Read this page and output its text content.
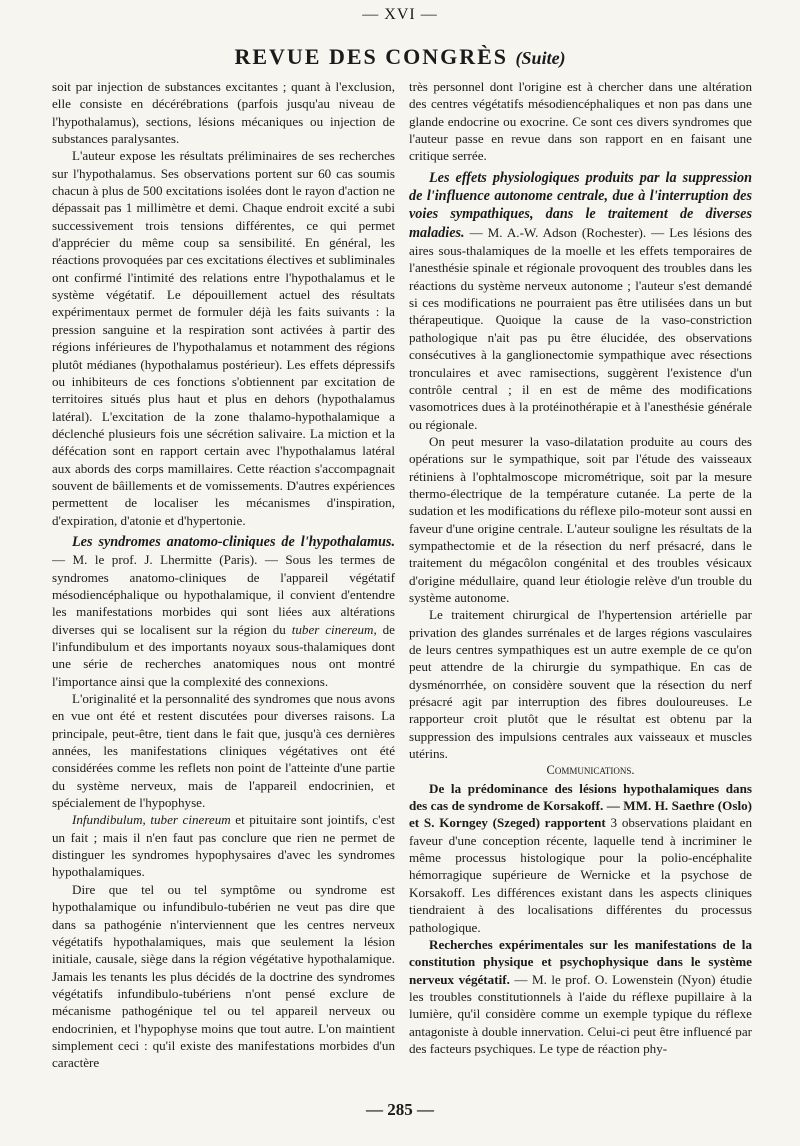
— XVI —
REVUE DES CONGRÈS (Suite)

soit par injection de substances excitantes ; quant à l'exclusion, elle consiste en décérébrations (parfois jusqu'au niveau de l'hypothalamus), sections, lésions mécaniques ou injection de substances paralysantes.

L'auteur expose les résultats préliminaires de ses recherches sur l'hypothalamus. Ses observations portent sur 60 cas soumis chacun à plus de 500 excitations isolées dont le rayon d'action ne dépassait pas 1 millimètre et demi. Chaque endroit excité a subi successivement trois tensions différentes, ce qui permet d'apprécier du même coup sa sensibilité. En général, les réactions provoquées par ces excitations électives et subliminales ont confirmé l'intimité des relations entre l'hypothalamus et le système végétatif. Le dépouillement actuel des résultats expérimentaux permet de formuler déjà les faits suivants : la pression sanguine et la respiration sont activées à partir des régions inférieures de l'hypothalamus et notamment des régions plutôt médianes (hypothalamus postérieur). Les effets dépressifs ou inhibiteurs de ces fonctions s'obtiennent par excitation de territoires situés plus haut et plus en dehors (hypothalamus latéral). L'excitation de la zone thalamo-hypothalamique a déclenché plusieurs fois une sécrétion salivaire. La miction et la défécation sont en rapport certain avec l'hypothalamus latéral aux abords des corps mamillaires. Cette réaction s'accompagnait souvent de bâillements et de vomissements. D'autres expériences permettent de localiser les mécanismes d'inspiration, d'expiration, d'atonie et d'hypertonie.

Les syndromes anatomo-cliniques de l'hypothalamus. — M. le prof. J. Lhermitte (Paris). — Sous les termes de syndromes anatomo-cliniques de l'appareil végétatif mésodiencéphalique ou hypothalamique, il convient d'entendre les manifestations morbides qui sont liées aux altérations diverses qui se localisent sur la région du tuber cinereum, de l'infundibulum et des importants noyaux sous-thalamiques dont une série de recherches anatomiques nous ont montré l'importance ainsi que la complexité des connexions.

L'originalité et la personnalité des syndromes que nous avons en vue ont été et restent discutées pour diverses raisons. La principale, peut-être, tient dans le fait que, jusqu'à ces dernières années, les manifestations cliniques végétatives ont été considérées comme les reflets non point de l'atteinte d'une partie du système nerveux, mais de l'appareil endocrinien, et spécialement de l'hypophyse.

Infundibulum, tuber cinereum et pituitaire sont jointifs, c'est un fait ; mais il n'en faut pas conclure que rien ne permet de distinguer les syndromes hypophysaires d'avec les syndromes hypothalamiques.

Dire que tel ou tel symptôme ou syndrome est hypothalamique ou infundibulo-tubérien ne veut pas dire que dans sa pathogénie n'interviennent que les centres nerveux végétatifs hypothalamiques, mais que seulement la lésion initiale, causale, siège dans la région végétative hypothalamique. Jamais les tenants les plus décidés de la doctrine des syndromes végétatifs infundibulo-tubériens n'ont pensé exclure de mécanisme pathogénique tel ou tel appareil nerveux ou endocrinien, et l'hypophyse moins que tout autre. L'on maintient simplement ceci : qu'il existe des manifestations morbides d'un caractère

très personnel dont l'origine est à chercher dans une altération des centres végétatifs mésodiencéphaliques et non pas dans une glande endocrine ou exocrine. Ce sont ces divers syndromes que l'auteur passe en revue dans son rapport en en faisant une critique serrée.

Les effets physiologiques produits par la suppression de l'influence autonome centrale, due à l'interruption des voies sympathiques, dans le traitement de diverses maladies. — M. A.-W. Adson (Rochester). — Les lésions des aires sous-thalamiques de la moelle et les effets temporaires de l'anesthésie spinale et régionale provoquent des troubles dans les réactions du système nerveux autonome ; l'auteur s'est demandé si ces modifications ne pourraient pas être utilisées dans un but thérapeutique. Quoique la cause de la vaso-constriction pathologique n'ait pas pu être élucidée, des observations consécutives à la ganglionectomie sympathique avec résections tronculaires et avec ramisections, suggèrent l'existence d'un contrôle central ; il en est de même des modifications vasomotrices dues à la protéinothérapie et à l'anesthésie générale ou régionale.

On peut mesurer la vaso-dilatation produite au cours des opérations sur le sympathique, soit par l'étude des vaisseaux rétiniens à l'ophtalmoscope micrométrique, soit par la mesure thermo-électrique de la température cutanée. La perte de la sudation et les modifications du réflexe pilo-moteur sont aussi en faveur d'une origine centrale. L'auteur souligne les résultats de la sympathectomie et de la résection du nerf présacré, dans le traitement du mégacôlon congénital et des troubles vésicaux d'origine médullaire, quand leur étiologie relève d'un trouble du système autonome.

Le traitement chirurgical de l'hypertension artérielle par privation des glandes surrénales et de larges régions vasculaires de leurs centres sympathiques est un autre exemple de ce qu'on peut attendre de la chirurgie du sympathique. En cas de dysménorrhée, on considère souvent que la résection du nerf présacré agit par interruption des fibres douloureuses. Le rapporteur croit plutôt que le résultat est obtenu par la suppression des impulsions centrales aux vaisseaux et muscles utérins.

Communications.

De la prédominance des lésions hypothalamiques dans des cas de syndrome de Korsakoff. — MM. H. Saethre (Oslo) et S. Korngey (Szeged) rapportent 3 observations plaidant en faveur d'une conception récente, laquelle tend à incriminer le même processus histologique pour la polio-encéphalite hémorragique supérieure de Wernicke et la psychose de Korsakoff. Les différences existant dans les aspects cliniques tiendraient à des localisations différentes du processus pathologique.

Recherches expérimentales sur les manifestations de la constitution physique et psychophysique dans le système nerveux végétatif. — M. le prof. O. Lowenstein (Nyon) étudie les troubles constitutionnels à l'aide du réflexe pupillaire à la lumière, qu'il considère comme un exemple typique du réflexe antagoniste à double innervation. Celui-ci peut être influencé par des facteurs psychiques. Le type de réaction phy-

— 285 —
